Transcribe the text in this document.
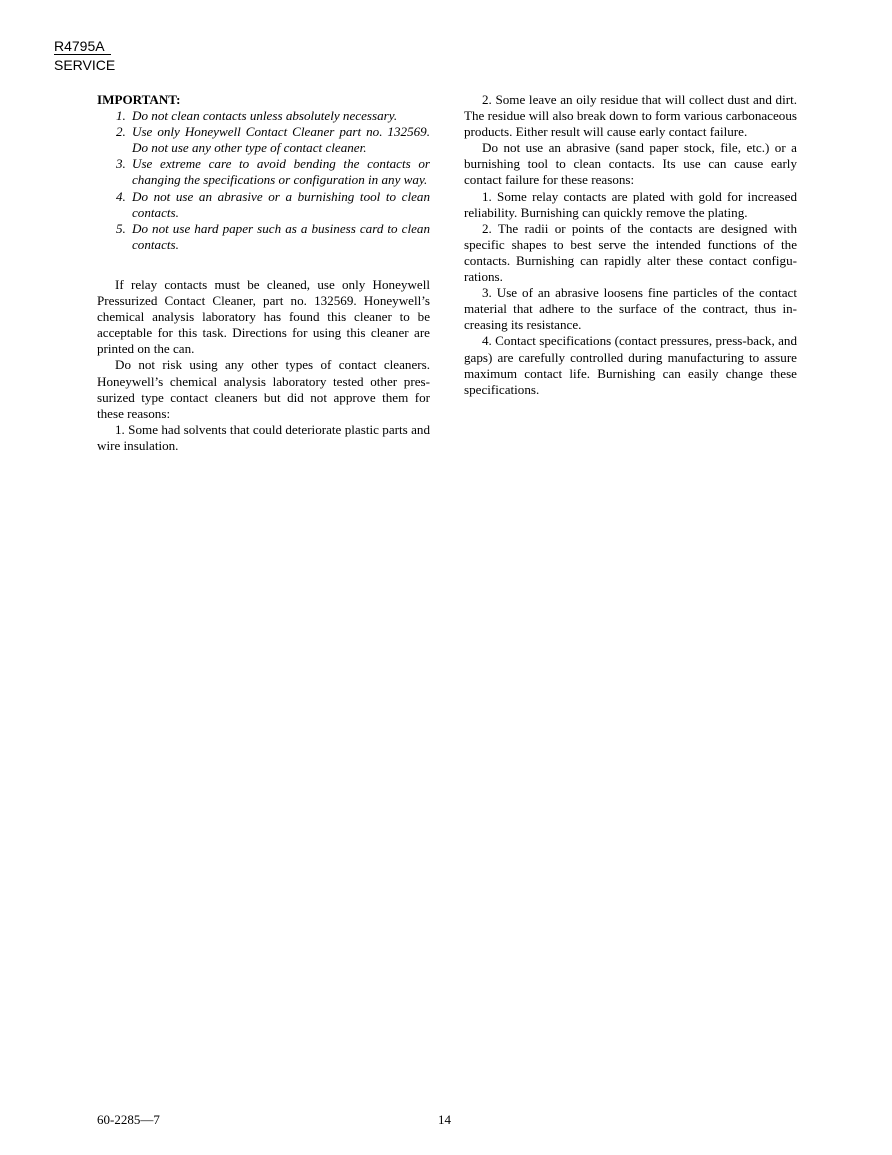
R4795A
SERVICE
IMPORTANT:
1. Do not clean contacts unless absolutely necessary.
2. Use only Honeywell Contact Cleaner part no. 132569. Do not use any other type of contact cleaner.
3. Use extreme care to avoid bending the contacts or changing the specifications or configuration in any way.
4. Do not use an abrasive or a burnishing tool to clean contacts.
5. Do not use hard paper such as a business card to clean contacts.

If relay contacts must be cleaned, use only Honeywell Pressurized Contact Cleaner, part no. 132569. Honeywell’s chemical analysis laboratory has found this cleaner to be acceptable for this task. Directions for using this cleaner are printed on the can.

Do not risk using any other types of contact cleaners. Honeywell’s chemical analysis laboratory tested other pressurized type contact cleaners but did not approve them for these reasons:

1. Some had solvents that could deteriorate plastic parts and wire insulation.

2. Some leave an oily residue that will collect dust and dirt. The residue will also break down to form various carbonaceous products. Either result will cause early contact failure.

Do not use an abrasive (sand paper stock, file, etc.) or a burnishing tool to clean contacts. Its use can cause early contact failure for these reasons:

1. Some relay contacts are plated with gold for increased reliability. Burnishing can quickly remove the plating.

2. The radii or points of the contacts are designed with specific shapes to best serve the intended functions of the contacts. Burnishing can rapidly alter these contact configurations.

3. Use of an abrasive loosens fine particles of the contact material that adhere to the surface of the contract, thus increasing its resistance.

4. Contact specifications (contact pressures, press-back, and gaps) are carefully controlled during manufacturing to assure maximum contact life. Burnishing can easily change these specifications.

60-2285—7	14
